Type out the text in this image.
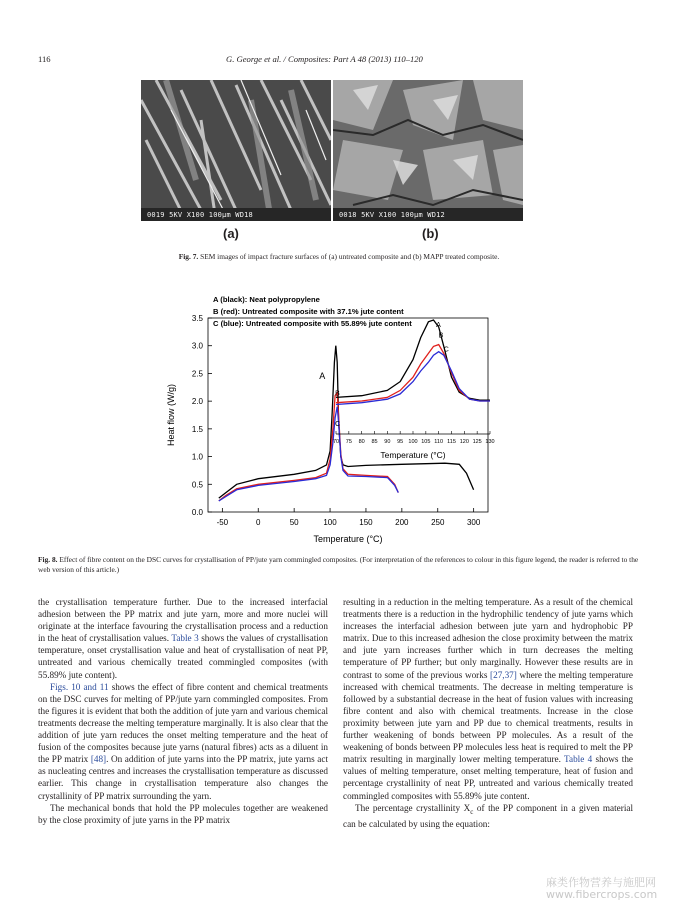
116	G. George et al. / Composites: Part A 48 (2013) 110–120
0019 5KV X100 100µm WD18	0018 5KV X100 100µm WD12
(a)	(b)
Fig. 7. SEM images of impact fracture surfaces of (a) untreated composite and (b) MAPP treated composite.
-50	0	50	100	150	200	250	300
0.0
0.5
1.0
1.5
2.0
2.5
3.0
3.5
Temperature (°C)
Heat flow (W/g)
A (black): Neat polypropylene
B (red): Untreated composite with 37.1% jute content
C (blue): Untreated composite with 55.89% jute content
A
B
C
70 75 80 85 90 95 100 105 110 115 120 125 130
Temperature (°C)
A
B
C
Fig. 8. Effect of fibre content on the DSC curves for crystallisation of PP/jute yarn commingled composites. (For interpretation of the references to colour in this figure legend, the reader is referred to the web version of this article.)

the crystallisation temperature further. Due to the increased interfacial adhesion between the PP matrix and jute yarn, more and more nuclei will originate at the interface favouring the crystallisation process and a reduction in the heat of crystallisation values. Table 3 shows the values of crystallisation temperature, onset crystallisation value and heat of crystallisation of neat PP, untreated and various chemically treated commingled composites (with 55.89% jute content).

Figs. 10 and 11 shows the effect of fibre content and chemical treatments on the DSC curves for melting of PP/jute yarn commingled composites. From the figures it is evident that both the addition of jute yarn and various chemical treatments decrease the melting temperature marginally. It is also clear that the addition of jute yarn reduces the onset melting temperature and the heat of fusion of the composites because jute yarns (natural fibres) acts as a diluent in the PP matrix [48]. On addition of jute yarns into the PP matrix, jute yarns act as nucleating centres and increases the crystallisation temperature as discussed earlier. This change in crystallisation temperature also changes the crystallinity of PP matrix surrounding the yarn.

The mechanical bonds that hold the PP molecules together are weakened by the close proximity of jute yarns in the PP matrix

resulting in a reduction in the melting temperature. As a result of the chemical treatments there is a reduction in the hydrophilic tendency of jute yarns which increases the interfacial adhesion between jute yarn and hydrophobic PP matrix. Due to this increased adhesion the close proximity between the matrix and jute yarn increases further which in turn decreases the melting temperature of PP further; but only marginally. However these results are in contrast to some of the previous works [27,37] where the melting temperature increased with chemical treatments. The decrease in melting temperature is followed by a substantial decrease in the heat of fusion values with increasing fibre content and also with chemical treatments. Increase in the close proximity between jute yarn and PP due to chemical treatments, results in further weakening of bonds between PP molecules. As a result of the weakening of bonds between PP molecules less heat is required to melt the PP matrix resulting in marginally lower melting temperature. Table 4 shows the values of melting temperature, onset melting temperature, heat of fusion and percentage crystallinity of neat PP, untreated and various chemically treated commingled composites with 55.89% jute content.

The percentage crystallinity $X_c$ of the PP component in a given material can be calculated by using the equation:

麻类作物营养与施肥网
www.fibercrops.com
